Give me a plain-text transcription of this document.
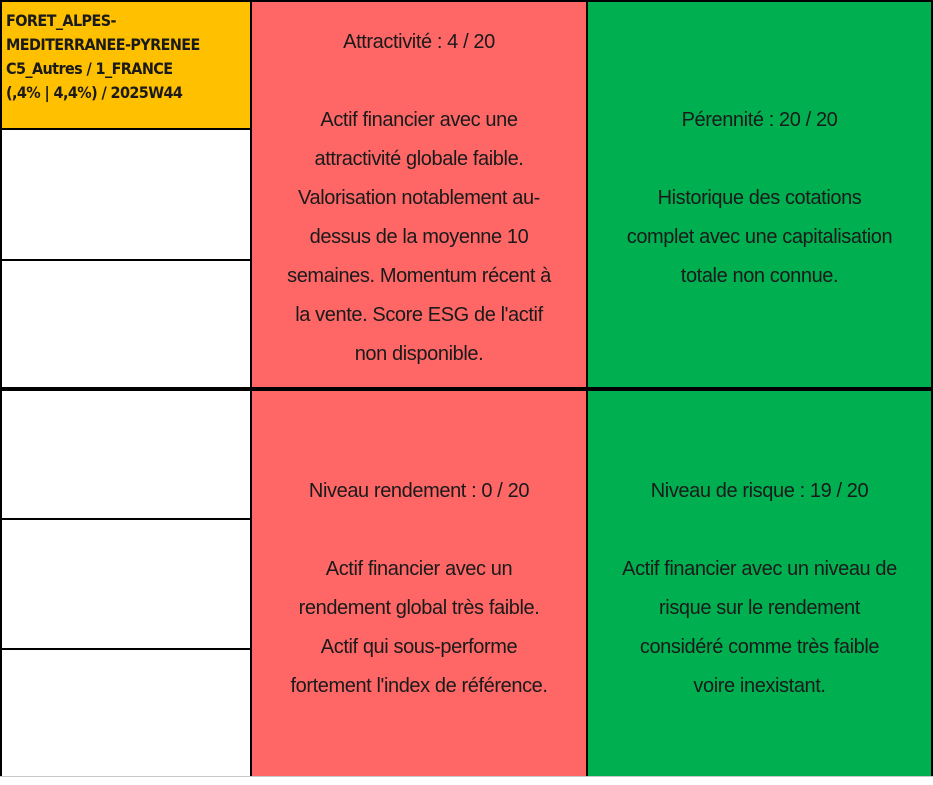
FORET_ALPES-
MEDITERRANEE-PYRENEE
C5_Autres / 1_FRANCE
(,4% | 4,4%) / 2025W44

Attractivité : 4 / 20

Actif financier avec une
attractivité globale faible.
Valorisation notablement au-
dessus de la moyenne 10
semaines. Momentum récent à
la vente. Score ESG de l'actif
non disponible.

Pérennité : 20 / 20

Historique des cotations
complet avec une capitalisation
totale non connue.

Niveau rendement : 0 / 20

Actif financier avec un
rendement global très faible.
Actif qui sous-performe
fortement l'index de référence.

Niveau de risque : 19 / 20

Actif financier avec un niveau de
risque sur le rendement
considéré comme très faible
voire inexistant.
